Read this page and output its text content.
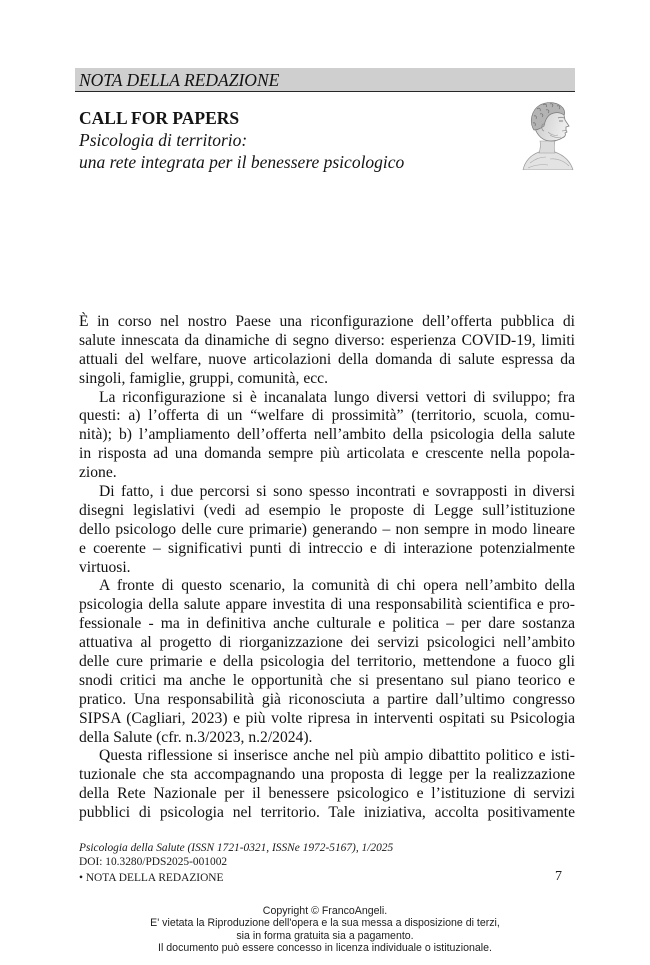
NOTA DELLA REDAZIONE
CALL FOR PAPERS
Psicologia di territorio:
una rete integrata per il benessere psicologico
È in corso nel nostro Paese una riconfigurazione dell’offerta pubblica di
salute innescata da dinamiche di segno diverso: esperienza COVID-19, limiti
attuali del welfare, nuove articolazioni della domanda di salute espressa da
singoli, famiglie, gruppi, comunità, ecc.
La riconfigurazione si è incanalata lungo diversi vettori di sviluppo; fra
questi: a) l’offerta di un “welfare di prossimità” (territorio, scuola, comu-
nità); b) l’ampliamento dell’offerta nell’ambito della psicologia della salute
in risposta ad una domanda sempre più articolata e crescente nella popola-
zione.
Di fatto, i due percorsi si sono spesso incontrati e sovrapposti in diversi
disegni legislativi (vedi ad esempio le proposte di Legge sull’istituzione
dello psicologo delle cure primarie) generando – non sempre in modo lineare
e coerente – significativi punti di intreccio e di interazione potenzialmente
virtuosi.
A fronte di questo scenario, la comunità di chi opera nell’ambito della
psicologia della salute appare investita di una responsabilità scientifica e pro-
fessionale - ma in definitiva anche culturale e politica – per dare sostanza
attuativa al progetto di riorganizzazione dei servizi psicologici nell’ambito
delle cure primarie e della psicologia del territorio, mettendone a fuoco gli
snodi critici ma anche le opportunità che si presentano sul piano teorico e
pratico. Una responsabilità già riconosciuta a partire dall’ultimo congresso
SIPSA (Cagliari, 2023) e più volte ripresa in interventi ospitati su Psicologia
della Salute (cfr. n.3/2023, n.2/2024).
Questa riflessione si inserisce anche nel più ampio dibattito politico e isti-
tuzionale che sta accompagnando una proposta di legge per la realizzazione
della Rete Nazionale per il benessere psicologico e l’istituzione di servizi
pubblici di psicologia nel territorio. Tale iniziativa, accolta positivamente
Psicologia della Salute (ISSN 1721-0321, ISSNe 1972-5167), 1/2025
DOI: 10.3280/PDS2025-001002
• NOTA DELLA REDAZIONE	7
Copyright © FrancoAngeli.
E' vietata la Riproduzione dell'opera e la sua messa a disposizione di terzi,
sia in forma gratuita sia a pagamento.
Il documento può essere concesso in licenza individuale o istituzionale.
